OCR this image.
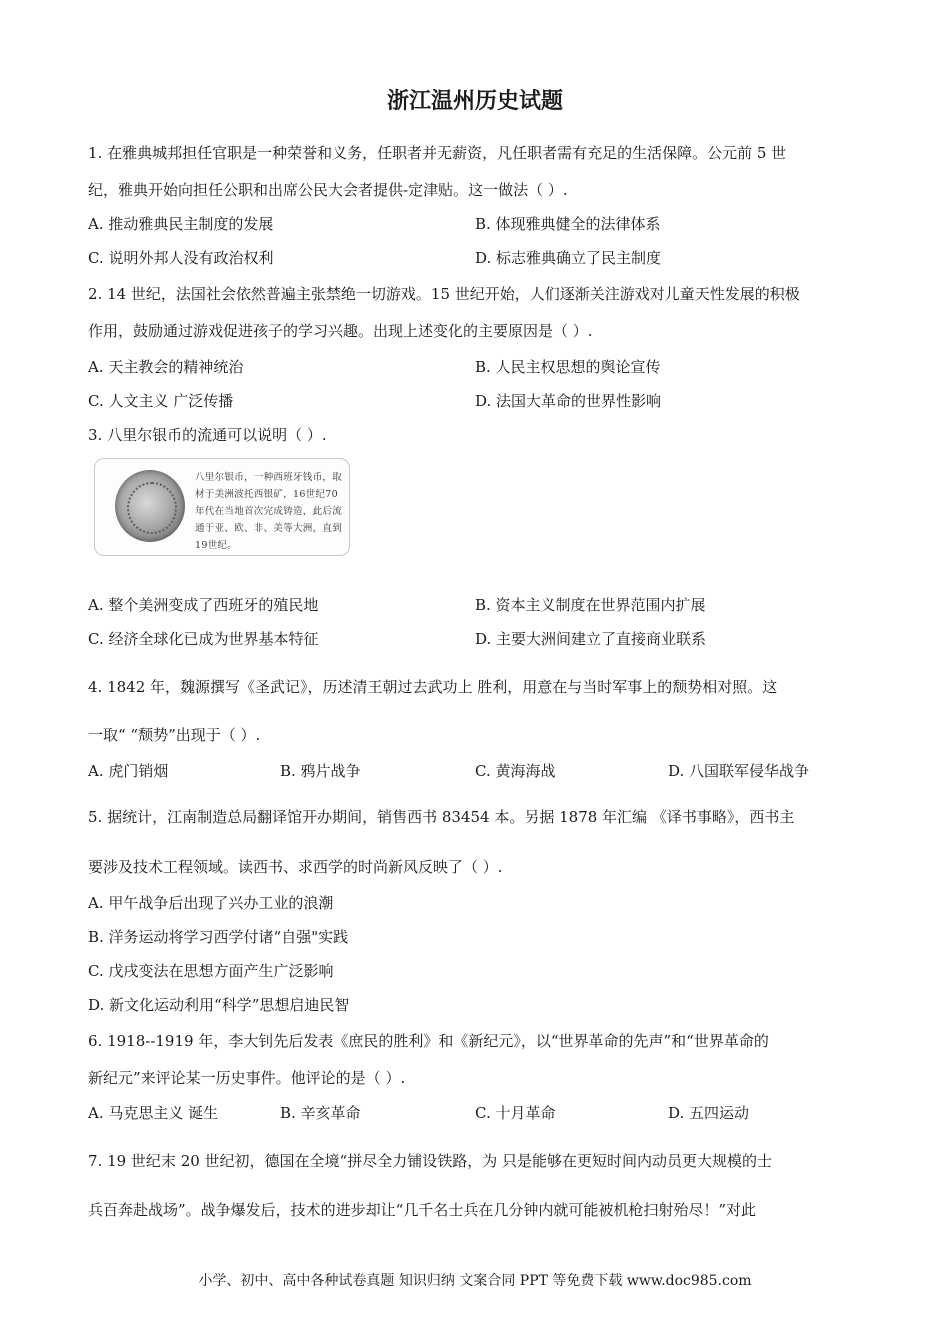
浙江温州历史试题
1. 在雅典城邦担任官职是一种荣誉和义务，任职者并无薪资，凡任职者需有充足的生活保障。公元前 5 世
纪，雅典开始向担任公职和出席公民大会者提供-定津贴。这一做法（ ）.
A. 推动雅典民主制度的发展	B. 体现雅典健全的法律体系
C. 说明外邦人没有政治权利	D. 标志雅典确立了民主制度
2. 14 世纪，法国社会依然普遍主张禁绝一切游戏。15 世纪开始，人们逐渐关注游戏对儿童天性发展的积极
作用，鼓励通过游戏促进孩子的学习兴趣。出现上述变化的主要原因是（ ）.
A. 天主教会的精神统治	B. 人民主权思想的舆论宣传
C. 人文主义 广泛传播	D. 法国大革命的世界性影响
3. 八里尔银币的流通可以说明（ ）.
八里尔银币，一种西班牙钱币，取材于美洲波托西银矿，16世纪70年代在当地首次完成铸造，此后流通于亚、欧、非、美等大洲，直到19世纪。
A. 整个美洲变成了西班牙的殖民地	B. 资本主义制度在世界范围内扩展
C. 经济全球化已成为世界基本特征	D. 主要大洲间建立了直接商业联系
4. 1842 年，魏源撰写《圣武记》，历述清王朝过去武功上 胜利，用意在与当时军事上的颓势相对照。这
一取“ “颓势”出现于（ ）.
A. 虎门销烟	B. 鸦片战争	C. 黄海海战	D. 八国联军侵华战争
5. 据统计，江南制造总局翻译馆开办期间，销售西书 83454 本。另据 1878 年汇编 《译书事略》，西书主
要涉及技术工程领域。读西书、求西学的时尚新风反映了（ ）.
A. 甲午战争后出现了兴办工业的浪潮
B. 洋务运动将学习西学付诸“自强"实践
C. 戊戌变法在思想方面产生广泛影响
D. 新文化运动利用“科学”思想启迪民智
6. 1918--1919 年，李大钊先后发表《庶民的胜利》和《新纪元》，以“世界革命的先声”和“世界革命的
新纪元”来评论某一历史事件。他评论的是（ ）.
A. 马克思主义 诞生	B. 辛亥革命	C. 十月革命	D. 五四运动
7. 19 世纪末 20 世纪初，德国在全境“拼尽全力铺设铁路，为 只是能够在更短时间内动员更大规模的士
兵百奔赴战场”。战争爆发后，技术的进步却让“几千名士兵在几分钟内就可能被机枪扫射殆尽！”对此
小学、初中、高中各种试卷真题 知识归纳 文案合同 PPT 等免费下载 www.doc985.com
